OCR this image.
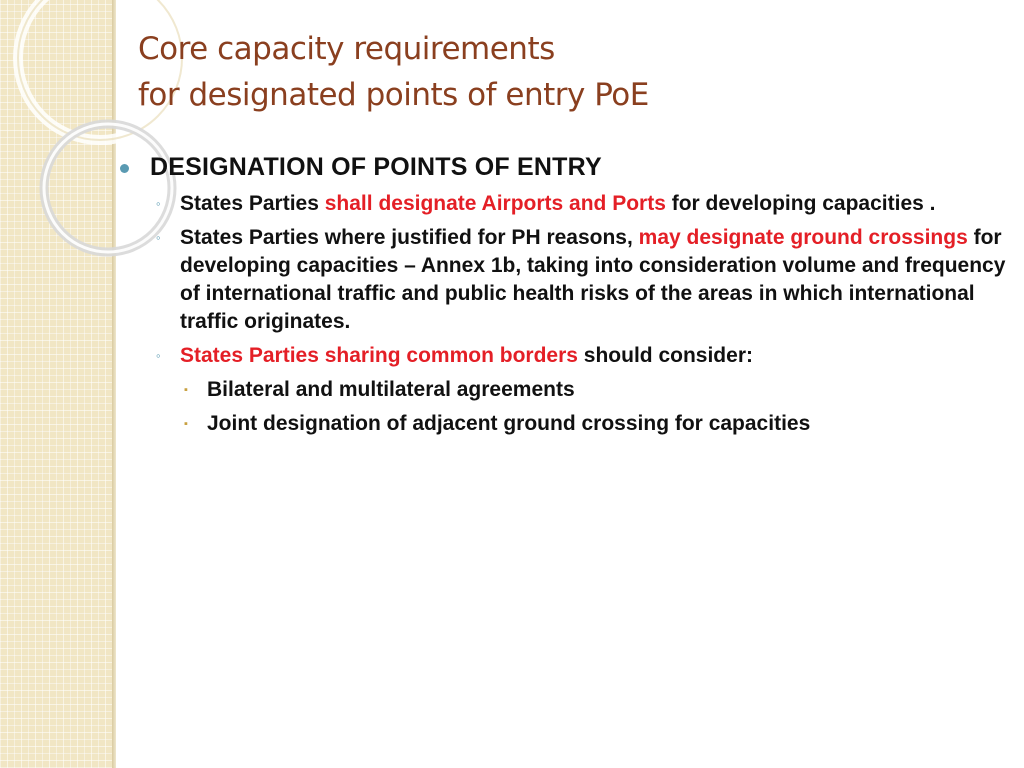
Core capacity requirements
for designated points of entry PoE
DESIGNATION OF POINTS OF ENTRY
◦ States Parties shall designate Airports and Ports for developing capacities .
◦ States Parties where justified for PH reasons, may designate ground crossings for developing capacities – Annex 1b, taking into consideration volume and frequency of international traffic and public health risks of the areas in which international traffic originates.
◦ States Parties sharing common borders should consider:
▪ Bilateral and multilateral agreements
▪ Joint designation of adjacent ground crossing for capacities
